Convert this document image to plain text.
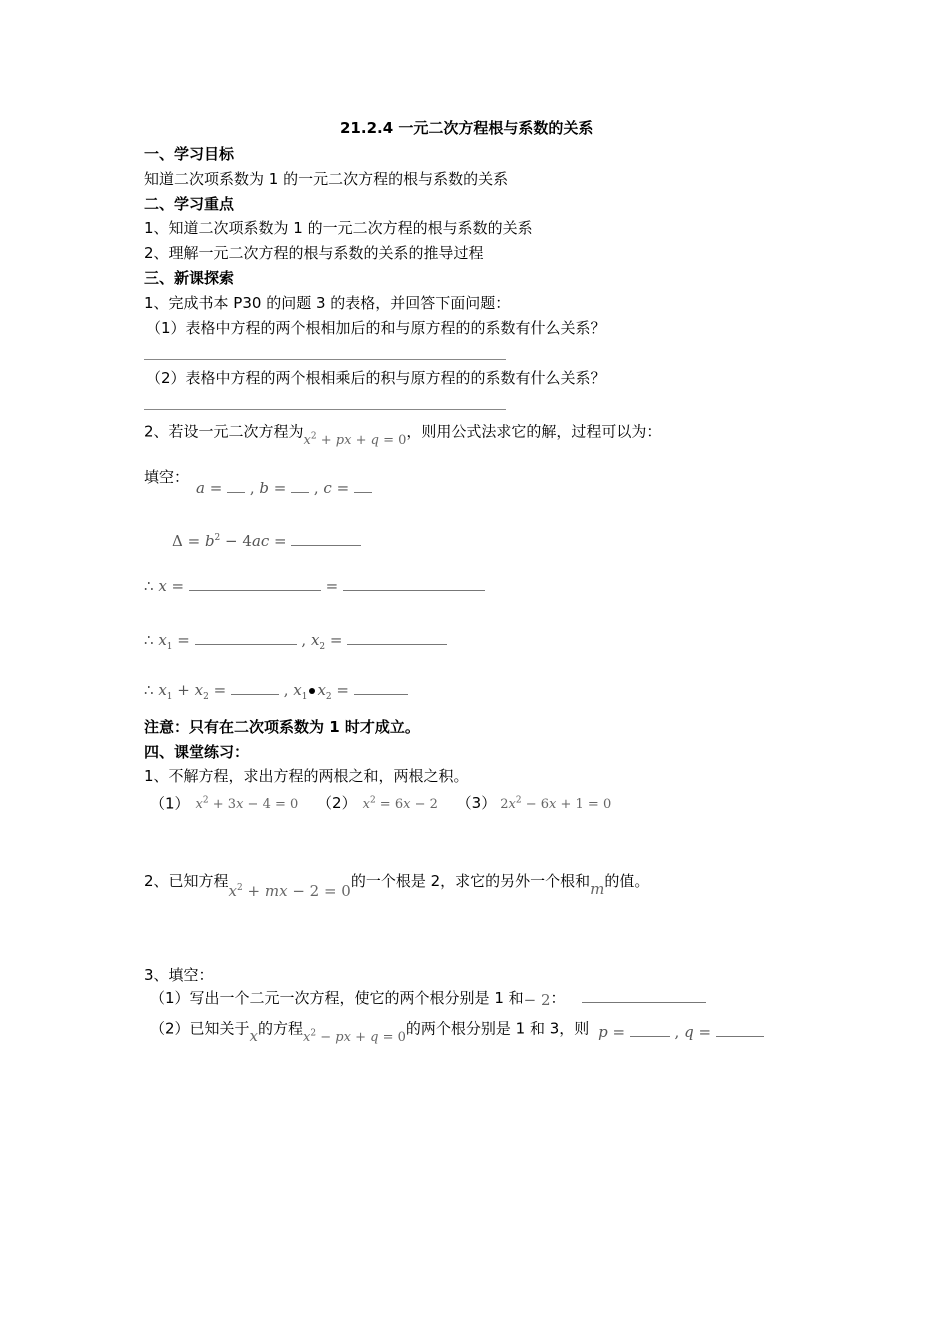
21.2.4 一元二次方程根与系数的关系
一、学习目标
知道二次项系数为 1 的一元二次方程的根与系数的关系
二、学习重点
1、知道二次项系数为 1 的一元二次方程的根与系数的关系
2、理解一元二次方程的根与系数的关系的推导过程
三、新课探索
1、完成书本 P30 的问题 3 的表格，并回答下面问题：
（1）表格中方程的两个根相加后的和与原方程的的系数有什么关系？
（2）表格中方程的两个根相乘后的积与原方程的的系数有什么关系？
2、若设一元二次方程为$x^2$ + px + q = 0，则用公式法求它的解，过程可以为：
填空：
a =  , b =  , c =
$\Delta = b^2 - 4ac$ =
∴ x =	=
∴ $x_1$ =	, $x_2$ =
∴ $x_1 + x_2$ =	, $x_1$ $x_2$ =
注意：只有在二次项系数为 1 时才成立。
四、课堂练习：
1、不解方程，求出方程的两根之和，两根之积。
（1） $x^2 + 3x - 4 = 0$ （2） $x^2 = 6x - 2$ （3） $2x^2 - 6x + 1 = 0$
2、已知方程$x^2$ + mx − 2 = 0的一个根是 2，求它的另外一个根和m的值。
3、填空：
（1）写出一个二元一次方程，使它的两个根分别是 1 和− 2：
（2）已知关于x的方程$x^2$ − px + q = 0的两个根分别是 1 和 3，则 p =	, q =
